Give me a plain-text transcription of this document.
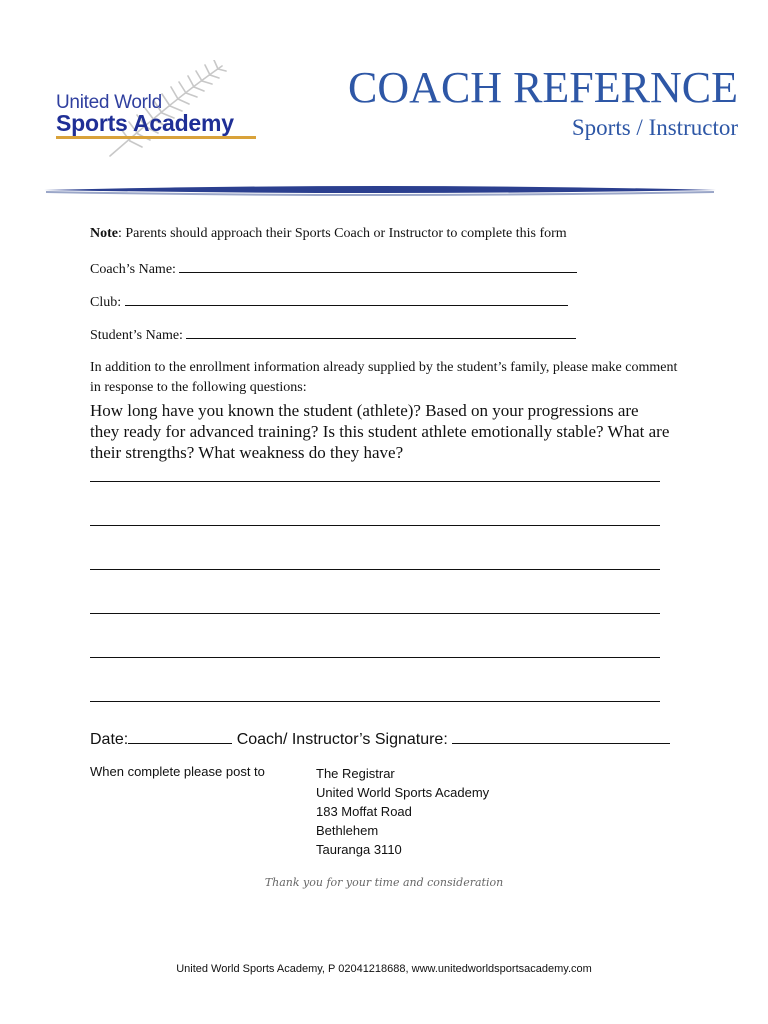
United World
Sports Academy
COACH REFERNCE
Sports / Instructor
Note: Parents should approach their Sports Coach or Instructor to complete this form
Coach’s Name:
Club:
Student’s Name:
In addition to the enrollment information already supplied by the student’s family, please make comment in response to the following questions:
How long have you known the student (athlete)? Based on your progressions are they ready for advanced training? Is this student athlete emotionally stable? What are their strengths? What weakness do they have?
Date:	Coach/ Instructor’s Signature:
When complete please post to	The Registrar
United World Sports Academy
183 Moffat Road
Bethlehem
Tauranga 3110
Thank you for your time and consideration
United World Sports Academy, P 02041218688, www.unitedworldsportsacademy.com
